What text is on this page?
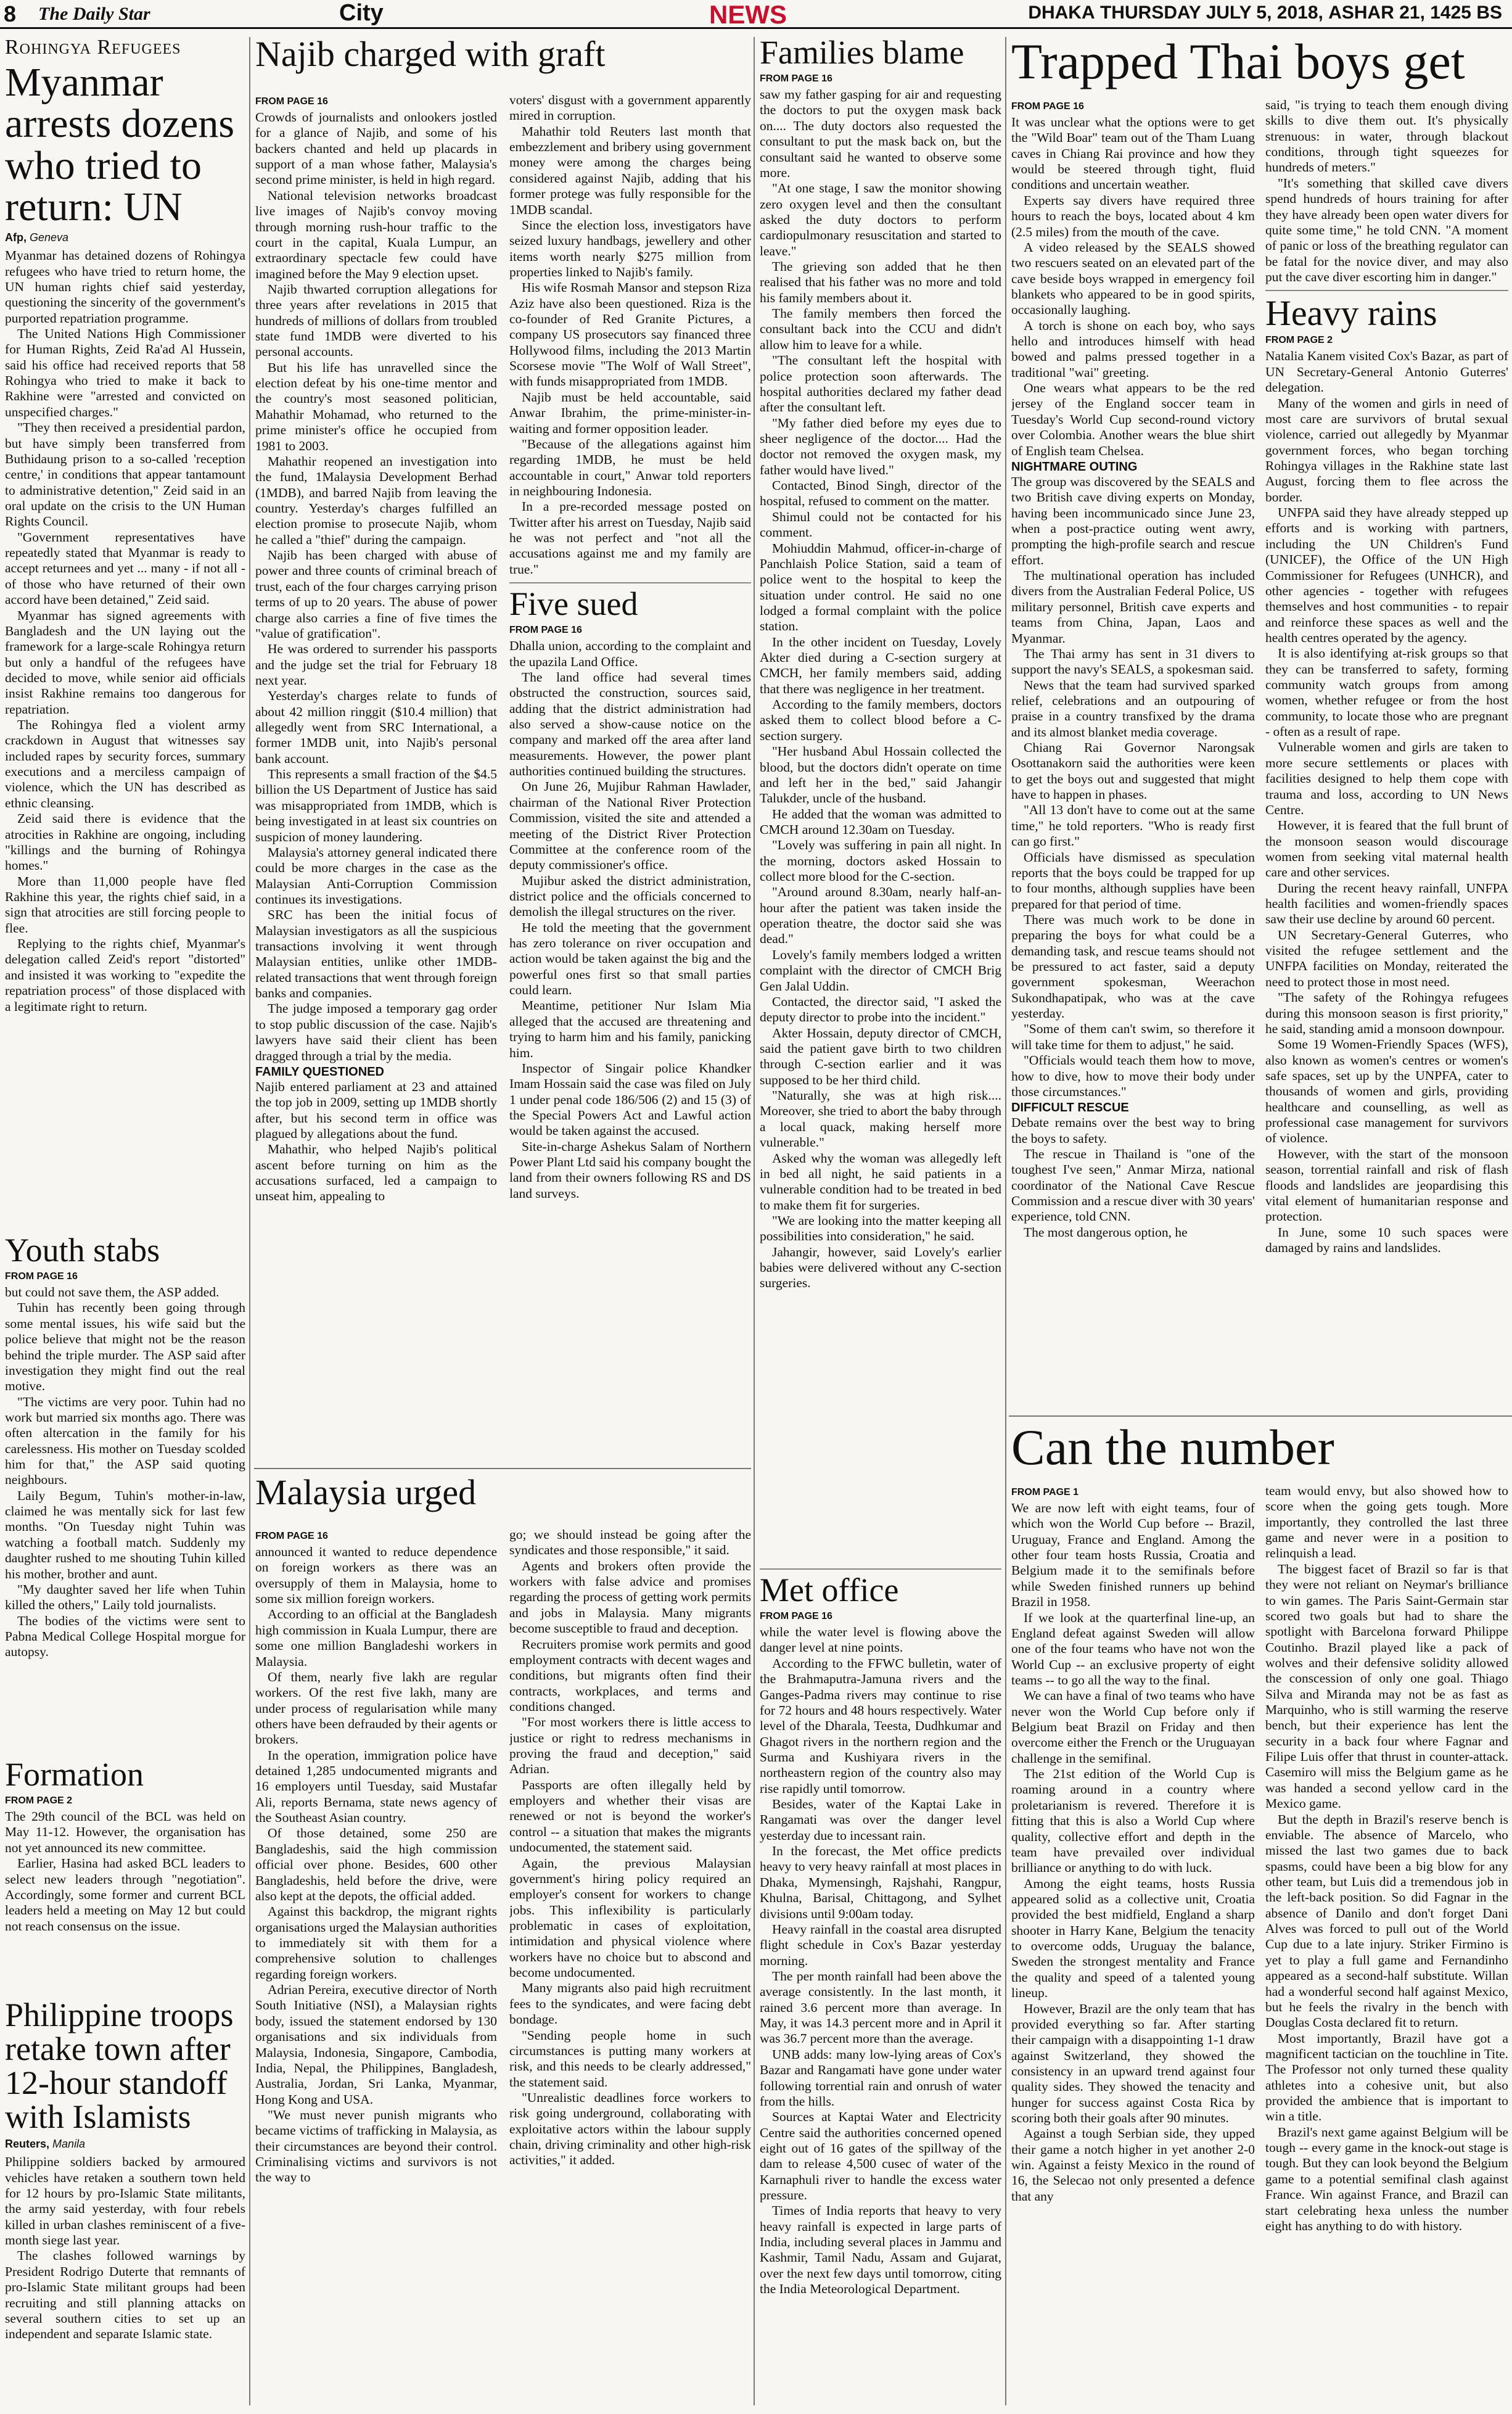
8 The Daily Star	City	NEWS	DHAKA THURSDAY JULY 5, 2018, ASHAR 21, 1425 BS
Rohingya Refugees
Myanmar arrests dozens who tried to return: UN
Afp, Geneva

Myanmar has detained dozens of Rohingya refugees who have tried to return home, the UN human rights chief said yesterday, questioning the sincerity of the government's purported repatriation programme.

The United Nations High Commissioner for Human Rights, Zeid Ra'ad Al Hussein, said his office had received reports that 58 Rohingya who tried to make it back to Rakhine were "arrested and convicted on unspecified charges."

"They then received a presidential pardon, but have simply been transferred from Buthidaung prison to a so-called 'reception centre,' in conditions that appear tantamount to administrative detention," Zeid said in an oral update on the crisis to the UN Human Rights Council.

"Government representatives have repeatedly stated that Myanmar is ready to accept returnees and yet ... many - if not all - of those who have returned of their own accord have been detained," Zeid said.

Myanmar has signed agreements with Bangladesh and the UN laying out the framework for a large-scale Rohingya return but only a handful of the refugees have decided to move, while senior aid officials insist Rakhine remains too dangerous for repatriation.

The Rohingya fled a violent army crackdown in August that witnesses say included rapes by security forces, summary executions and a merciless campaign of violence, which the UN has described as ethnic cleansing.

Zeid said there is evidence that the atrocities in Rakhine are ongoing, including "killings and the burning of Rohingya homes."

More than 11,000 people have fled Rakhine this year, the rights chief said, in a sign that atrocities are still forcing people to flee.

Replying to the rights chief, Myanmar's delegation called Zeid's report "distorted" and insisted it was working to "expedite the repatriation process" of those displaced with a legitimate right to return.

Youth stabs
FROM PAGE 16

but could not save them, the ASP added.

Tuhin has recently been going through some mental issues, his wife said but the police believe that might not be the reason behind the triple murder. The ASP said after investigation they might find out the real motive.

"The victims are very poor. Tuhin had no work but married six months ago. There was often altercation in the family for his carelessness. His mother on Tuesday scolded him for that," the ASP said quoting neighbours.

Laily Begum, Tuhin's mother-in-law, claimed he was mentally sick for last few months. "On Tuesday night Tuhin was watching a football match. Suddenly my daughter rushed to me shouting Tuhin killed his mother, brother and aunt.

"My daughter saved her life when Tuhin killed the others," Laily told journalists.

The bodies of the victims were sent to Pabna Medical College Hospital morgue for autopsy.

Formation
FROM PAGE 2

The 29th council of the BCL was held on May 11-12. However, the organisation has not yet announced its new committee.

Earlier, Hasina had asked BCL leaders to select new leaders through "negotiation". Accordingly, some former and current BCL leaders held a meeting on May 12 but could not reach consensus on the issue.

Philippine troops retake town after 12-hour standoff with Islamists
Reuters, Manila

Philippine soldiers backed by armoured vehicles have retaken a southern town held for 12 hours by pro-Islamic State militants, the army said yesterday, with four rebels killed in urban clashes reminiscent of a five-month siege last year.

The clashes followed warnings by President Rodrigo Duterte that remnants of pro-Islamic State militant groups had been recruiting and still planning attacks on several southern cities to set up an independent and separate Islamic state.

Najib charged with graft
FROM PAGE 16

Crowds of journalists and onlookers jostled for a glance of Najib, and some of his backers chanted and held up placards in support of a man whose father, Malaysia's second prime minister, is held in high regard.

National television networks broadcast live images of Najib's convoy moving through morning rush-hour traffic to the court in the capital, Kuala Lumpur, an extraordinary spectacle few could have imagined before the May 9 election upset.

Najib thwarted corruption allegations for three years after revelations in 2015 that hundreds of millions of dollars from troubled state fund 1MDB were diverted to his personal accounts.

But his life has unravelled since the election defeat by his one-time mentor and the country's most seasoned politician, Mahathir Mohamad, who returned to the prime minister's office he occupied from 1981 to 2003.

Mahathir reopened an investigation into the fund, 1Malaysia Development Berhad (1MDB), and barred Najib from leaving the country. Yesterday's charges fulfilled an election promise to prosecute Najib, whom he called a "thief" during the campaign.

Najib has been charged with abuse of power and three counts of criminal breach of trust, each of the four charges carrying prison terms of up to 20 years. The abuse of power charge also carries a fine of five times the "value of gratification".

He was ordered to surrender his passports and the judge set the trial for February 18 next year.

Yesterday's charges relate to funds of about 42 million ringgit ($10.4 million) that allegedly went from SRC International, a former 1MDB unit, into Najib's personal bank account.

This represents a small fraction of the $4.5 billion the US Department of Justice has said was misappropriated from 1MDB, which is being investigated in at least six countries on suspicion of money laundering.

Malaysia's attorney general indicated there could be more charges in the case as the Malaysian Anti-Corruption Commission continues its investigations.

SRC has been the initial focus of Malaysian investigators as all the suspicious transactions involving it went through Malaysian entities, unlike other 1MDB-related transactions that went through foreign banks and companies.

The judge imposed a temporary gag order to stop public discussion of the case. Najib's lawyers have said their client has been dragged through a trial by the media.

FAMILY QUESTIONED

Najib entered parliament at 23 and attained the top job in 2009, setting up 1MDB shortly after, but his second term in office was plagued by allegations about the fund.

Mahathir, who helped Najib's political ascent before turning on him as the accusations surfaced, led a campaign to unseat him, appealing to

voters' disgust with a government apparently mired in corruption.

Mahathir told Reuters last month that embezzlement and bribery using government money were among the charges being considered against Najib, adding that his former protege was fully responsible for the 1MDB scandal.

Since the election loss, investigators have seized luxury handbags, jewellery and other items worth nearly $275 million from properties linked to Najib's family.

His wife Rosmah Mansor and stepson Riza Aziz have also been questioned. Riza is the co-founder of Red Granite Pictures, a company US prosecutors say financed three Hollywood films, including the 2013 Martin Scorsese movie "The Wolf of Wall Street", with funds misappropriated from 1MDB.

Najib must be held accountable, said Anwar Ibrahim, the prime-minister-in-waiting and former opposition leader.

"Because of the allegations against him regarding 1MDB, he must be held accountable in court," Anwar told reporters in neighbouring Indonesia.

In a pre-recorded message posted on Twitter after his arrest on Tuesday, Najib said he was not perfect and "not all the accusations against me and my family are true."

Five sued
FROM PAGE 16

Dhalla union, according to the complaint and the upazila Land Office.

The land office had several times obstructed the construction, sources said, adding that the district administration had also served a show-cause notice on the company and marked off the area after land measurements. However, the power plant authorities continued building the structures.

On June 26, Mujibur Rahman Hawlader, chairman of the National River Protection Commission, visited the site and attended a meeting of the District River Protection Committee at the conference room of the deputy commissioner's office.

Mujibur asked the district administration, district police and the officials concerned to demolish the illegal structures on the river.

He told the meeting that the government has zero tolerance on river occupation and action would be taken against the big and the powerful ones first so that small parties could learn.

Meantime, petitioner Nur Islam Mia alleged that the accused are threatening and trying to harm him and his family, panicking him.

Inspector of Singair police Khandker Imam Hossain said the case was filed on July 1 under penal code 186/506 (2) and 15 (3) of the Special Powers Act and Lawful action would be taken against the accused.

Site-in-charge Ashekus Salam of Northern Power Plant Ltd said his company bought the land from their owners following RS and DS land surveys.

Malaysia urged
FROM PAGE 16

announced it wanted to reduce dependence on foreign workers as there was an oversupply of them in Malaysia, home to some six million foreign workers.

According to an official at the Bangladesh high commission in Kuala Lumpur, there are some one million Bangladeshi workers in Malaysia.

Of them, nearly five lakh are regular workers. Of the rest five lakh, many are under process of regularisation while many others have been defrauded by their agents or brokers.

In the operation, immigration police have detained 1,285 undocumented migrants and 16 employers until Tuesday, said Mustafar Ali, reports Bernama, state news agency of the Southeast Asian country.

Of those detained, some 250 are Bangladeshis, said the high commission official over phone. Besides, 600 other Bangladeshis, held before the drive, were also kept at the depots, the official added.

Against this backdrop, the migrant rights organisations urged the Malaysian authorities to immediately sit with them for a comprehensive solution to challenges regarding foreign workers.

Adrian Pereira, executive director of North South Initiative (NSI), a Malaysian rights body, issued the statement endorsed by 130 organisations and six individuals from Malaysia, Indonesia, Singapore, Cambodia, India, Nepal, the Philippines, Bangladesh, Australia, Jordan, Sri Lanka, Myanmar, Hong Kong and USA.

"We must never punish migrants who became victims of trafficking in Malaysia, as their circumstances are beyond their control. Criminalising victims and survivors is not the way to

go; we should instead be going after the syndicates and those responsible," it said.

Agents and brokers often provide the workers with false advice and promises regarding the process of getting work permits and jobs in Malaysia. Many migrants become susceptible to fraud and deception.

Recruiters promise work permits and good employment contracts with decent wages and conditions, but migrants often find their contracts, workplaces, and terms and conditions changed.

"For most workers there is little access to justice or right to redress mechanisms in proving the fraud and deception," said Adrian.

Passports are often illegally held by employers and whether their visas are renewed or not is beyond the worker's control -- a situation that makes the migrants undocumented, the statement said.

Again, the previous Malaysian government's hiring policy required an employer's consent for workers to change jobs. This inflexibility is particularly problematic in cases of exploitation, intimidation and physical violence where workers have no choice but to abscond and become undocumented.

Many migrants also paid high recruitment fees to the syndicates, and were facing debt bondage.

"Sending people home in such circumstances is putting many workers at risk, and this needs to be clearly addressed," the statement said.

"Unrealistic deadlines force workers to risk going underground, collaborating with exploitative actors within the labour supply chain, driving criminality and other high-risk activities," it added.

Families blame
FROM PAGE 16

saw my father gasping for air and requesting the doctors to put the oxygen mask back on.... The duty doctors also requested the consultant to put the mask back on, but the consultant said he wanted to observe some more.

"At one stage, I saw the monitor showing zero oxygen level and then the consultant asked the duty doctors to perform cardiopulmonary resuscitation and started to leave."

The grieving son added that he then realised that his father was no more and told his family members about it.

The family members then forced the consultant back into the CCU and didn't allow him to leave for a while.

"The consultant left the hospital with police protection soon afterwards. The hospital authorities declared my father dead after the consultant left.

"My father died before my eyes due to sheer negligence of the doctor.... Had the doctor not removed the oxygen mask, my father would have lived."

Contacted, Binod Singh, director of the hospital, refused to comment on the matter.

Shimul could not be contacted for his comment.

Mohiuddin Mahmud, officer-in-charge of Panchlaish Police Station, said a team of police went to the hospital to keep the situation under control. He said no one lodged a formal complaint with the police station.

In the other incident on Tuesday, Lovely Akter died during a C-section surgery at CMCH, her family members said, adding that there was negligence in her treatment.

According to the family members, doctors asked them to collect blood before a C-section surgery.

"Her husband Abul Hossain collected the blood, but the doctors didn't operate on time and left her in the bed," said Jahangir Talukder, uncle of the husband.

He added that the woman was admitted to CMCH around 12.30am on Tuesday.

"Lovely was suffering in pain all night. In the morning, doctors asked Hossain to collect more blood for the C-section.

"Around around 8.30am, nearly half-an-hour after the patient was taken inside the operation theatre, the doctor said she was dead."

Lovely's family members lodged a written complaint with the director of CMCH Brig Gen Jalal Uddin.

Contacted, the director said, "I asked the deputy director to probe into the incident."

Akter Hossain, deputy director of CMCH, said the patient gave birth to two children through C-section earlier and it was supposed to be her third child.

"Naturally, she was at high risk.... Moreover, she tried to abort the baby through a local quack, making herself more vulnerable."

Asked why the woman was allegedly left in bed all night, he said patients in a vulnerable condition had to be treated in bed to make them fit for surgeries.

"We are looking into the matter keeping all possibilities into consideration," he said.

Jahangir, however, said Lovely's earlier babies were delivered without any C-section surgeries.

Met office
FROM PAGE 16

while the water level is flowing above the danger level at nine points.

According to the FFWC bulletin, water of the Brahmaputra-Jamuna rivers and the Ganges-Padma rivers may continue to rise for 72 hours and 48 hours respectively. Water level of the Dharala, Teesta, Dudhkumar and Ghagot rivers in the northern region and the Surma and Kushiyara rivers in the northeastern region of the country also may rise rapidly until tomorrow.

Besides, water of the Kaptai Lake in Rangamati was over the danger level yesterday due to incessant rain.

In the forecast, the Met office predicts heavy to very heavy rainfall at most places in Dhaka, Mymensingh, Rajshahi, Rangpur, Khulna, Barisal, Chittagong, and Sylhet divisions until 9:00am today.

Heavy rainfall in the coastal area disrupted flight schedule in Cox's Bazar yesterday morning.

The per month rainfall had been above the average consistently. In the last month, it rained 3.6 percent more than average. In May, it was 14.3 percent more and in April it was 36.7 percent more than the average.

UNB adds: many low-lying areas of Cox's Bazar and Rangamati have gone under water following torrential rain and onrush of water from the hills.

Sources at Kaptai Water and Electricity Centre said the authorities concerned opened eight out of 16 gates of the spillway of the dam to release 4,500 cusec of water of the Karnaphuli river to handle the excess water pressure.

Times of India reports that heavy to very heavy rainfall is expected in large parts of India, including several places in Jammu and Kashmir, Tamil Nadu, Assam and Gujarat, over the next few days until tomorrow, citing the India Meteorological Department.

Trapped Thai boys get
FROM PAGE 16

It was unclear what the options were to get the "Wild Boar" team out of the Tham Luang caves in Chiang Rai province and how they would be steered through tight, fluid conditions and uncertain weather.

Experts say divers have required three hours to reach the boys, located about 4 km (2.5 miles) from the mouth of the cave.

A video released by the SEALS showed two rescuers seated on an elevated part of the cave beside boys wrapped in emergency foil blankets who appeared to be in good spirits, occasionally laughing.

A torch is shone on each boy, who says hello and introduces himself with head bowed and palms pressed together in a traditional "wai" greeting.

One wears what appears to be the red jersey of the England soccer team in Tuesday's World Cup second-round victory over Colombia. Another wears the blue shirt of English team Chelsea.

NIGHTMARE OUTING

The group was discovered by the SEALS and two British cave diving experts on Monday, having been incommunicado since June 23, when a post-practice outing went awry, prompting the high-profile search and rescue effort.

The multinational operation has included divers from the Australian Federal Police, US military personnel, British cave experts and teams from China, Japan, Laos and Myanmar.

The Thai army has sent in 31 divers to support the navy's SEALS, a spokesman said.

News that the team had survived sparked relief, celebrations and an outpouring of praise in a country transfixed by the drama and its almost blanket media coverage.

Chiang Rai Governor Narongsak Osottanakorn said the authorities were keen to get the boys out and suggested that might have to happen in phases.

"All 13 don't have to come out at the same time," he told reporters. "Who is ready first can go first."

Officials have dismissed as speculation reports that the boys could be trapped for up to four months, although supplies have been prepared for that period of time.

There was much work to be done in preparing the boys for what could be a demanding task, and rescue teams should not be pressured to act faster, said a deputy government spokesman, Weerachon Sukondhapatipak, who was at the cave yesterday.

"Some of them can't swim, so therefore it will take time for them to adjust," he said.

"Officials would teach them how to move, how to dive, how to move their body under those circumstances."

DIFFICULT RESCUE

Debate remains over the best way to bring the boys to safety.

The rescue in Thailand is "one of the toughest I've seen," Anmar Mirza, national coordinator of the National Cave Rescue Commission and a rescue diver with 30 years' experience, told CNN.

The most dangerous option, he

said, "is trying to teach them enough diving skills to dive them out. It's physically strenuous: in water, through blackout conditions, through tight squeezes for hundreds of meters."

"It's something that skilled cave divers spend hundreds of hours training for after they have already been open water divers for quite some time," he told CNN. "A moment of panic or loss of the breathing regulator can be fatal for the novice diver, and may also put the cave diver escorting him in danger."

Heavy rains
FROM PAGE 2

Natalia Kanem visited Cox's Bazar, as part of UN Secretary-General Antonio Guterres' delegation.

Many of the women and girls in need of most care are survivors of brutal sexual violence, carried out allegedly by Myanmar government forces, who began torching Rohingya villages in the Rakhine state last August, forcing them to flee across the border.

UNFPA said they have already stepped up efforts and is working with partners, including the UN Children's Fund (UNICEF), the Office of the UN High Commissioner for Refugees (UNHCR), and other agencies - together with refugees themselves and host communities - to repair and reinforce these spaces as well and the health centres operated by the agency.

It is also identifying at-risk groups so that they can be transferred to safety, forming community watch groups from among women, whether refugee or from the host community, to locate those who are pregnant - often as a result of rape.

Vulnerable women and girls are taken to more secure settlements or places with facilities designed to help them cope with trauma and loss, according to UN News Centre.

However, it is feared that the full brunt of the monsoon season would discourage women from seeking vital maternal health care and other services.

During the recent heavy rainfall, UNFPA health facilities and women-friendly spaces saw their use decline by around 60 percent.

UN Secretary-General Guterres, who visited the refugee settlement and the UNFPA facilities on Monday, reiterated the need to protect those in most need.

"The safety of the Rohingya refugees during this monsoon season is first priority," he said, standing amid a monsoon downpour.

Some 19 Women-Friendly Spaces (WFS), also known as women's centres or women's safe spaces, set up by the UNPFA, cater to thousands of women and girls, providing healthcare and counselling, as well as professional case management for survivors of violence.

However, with the start of the monsoon season, torrential rainfall and risk of flash floods and landslides are jeopardising this vital element of humanitarian response and protection.

In June, some 10 such spaces were damaged by rains and landslides.

Can the number
FROM PAGE 1

We are now left with eight teams, four of which won the World Cup before -- Brazil, Uruguay, France and England. Among the other four team hosts Russia, Croatia and Belgium made it to the semifinals before while Sweden finished runners up behind Brazil in 1958.

If we look at the quarterfinal line-up, an England defeat against Sweden will allow one of the four teams who have not won the World Cup -- an exclusive property of eight teams -- to go all the way to the final.

We can have a final of two teams who have never won the World Cup before only if Belgium beat Brazil on Friday and then overcome either the French or the Uruguayan challenge in the semifinal.

The 21st edition of the World Cup is roaming around in a country where proletarianism is revered. Therefore it is fitting that this is also a World Cup where quality, collective effort and depth in the team have prevailed over individual brilliance or anything to do with luck.

Among the eight teams, hosts Russia appeared solid as a collective unit, Croatia provided the best midfield, England a sharp shooter in Harry Kane, Belgium the tenacity to overcome odds, Uruguay the balance, Sweden the strongest mentality and France the quality and speed of a talented young lineup.

However, Brazil are the only team that has provided everything so far. After starting their campaign with a disappointing 1-1 draw against Switzerland, they showed the consistency in an upward trend against four quality sides. They showed the tenacity and hunger for success against Costa Rica by scoring both their goals after 90 minutes.

Against a tough Serbian side, they upped their game a notch higher in yet another 2-0 win. Against a feisty Mexico in the round of 16, the Selecao not only presented a defence that any

team would envy, but also showed how to score when the going gets tough. More importantly, they controlled the last three game and never were in a position to relinquish a lead.

The biggest facet of Brazil so far is that they were not reliant on Neymar's brilliance to win games. The Paris Saint-Germain star scored two goals but had to share the spotlight with Barcelona forward Philippe Coutinho. Brazil played like a pack of wolves and their defensive solidity allowed the conscession of only one goal. Thiago Silva and Miranda may not be as fast as Marquinho, who is still warming the reserve bench, but their experience has lent the security in a back four where Fagnar and Filipe Luis offer that thrust in counter-attack. Casemiro will miss the Belgium game as he was handed a second yellow card in the Mexico game.

But the depth in Brazil's reserve bench is enviable. The absence of Marcelo, who missed the last two games due to back spasms, could have been a big blow for any other team, but Luis did a tremendous job in the left-back position. So did Fagnar in the absence of Danilo and don't forget Dani Alves was forced to pull out of the World Cup due to a late injury. Striker Firmino is yet to play a full game and Fernandinho appeared as a second-half substitute. Willan had a wonderful second half against Mexico, but he feels the rivalry in the bench with Douglas Costa declared fit to return.

Most importantly, Brazil have got a magnificent tactician on the touchline in Tite. The Professor not only turned these quality athletes into a cohesive unit, but also provided the ambience that is important to win a title.

Brazil's next game against Belgium will be tough -- every game in the knock-out stage is tough. But they can look beyond the Belgium game to a potential semifinal clash against France. Win against France, and Brazil can start celebrating hexa unless the number eight has anything to do with history.
